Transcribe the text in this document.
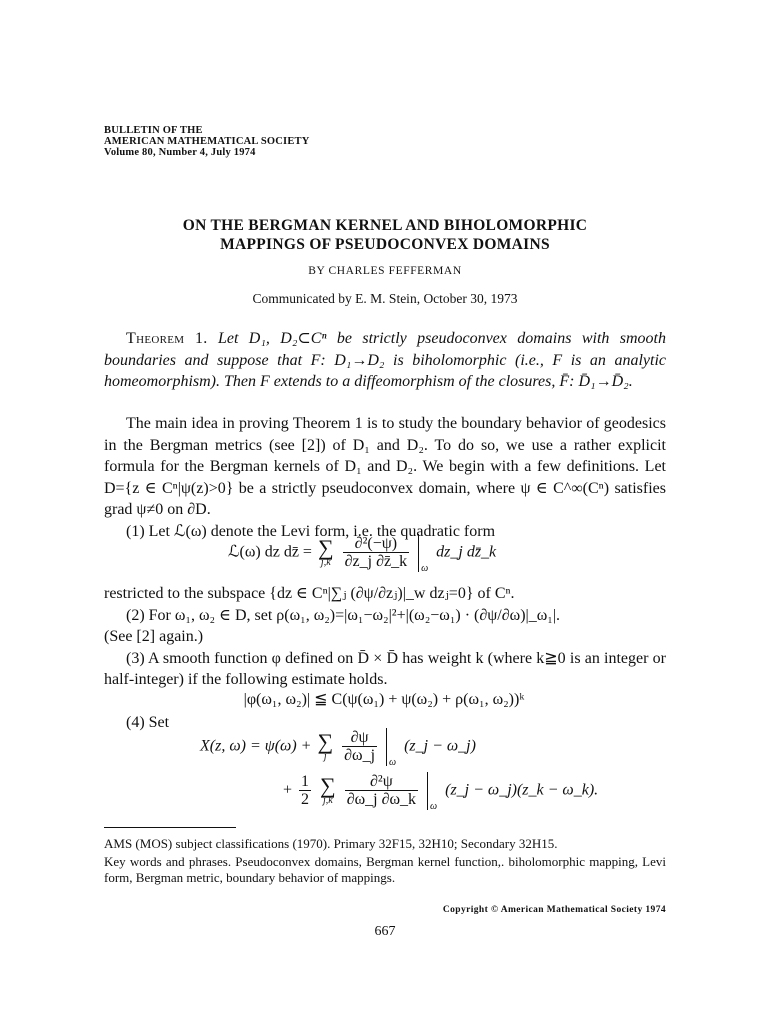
BULLETIN OF THE
AMERICAN MATHEMATICAL SOCIETY
Volume 80, Number 4, July 1974
ON THE BERGMAN KERNEL AND BIHOLOMORPHIC
MAPPINGS OF PSEUDOCONVEX DOMAINS
BY CHARLES FEFFERMAN
Communicated by E. M. Stein, October 30, 1973

Theorem 1. Let D₁, D₂⊂Cⁿ be strictly pseudoconvex domains with smooth boundaries and suppose that F: D₁→D₂ is biholomorphic (i.e., F is an analytic homeomorphism). Then F extends to a diffeomorphism of the closures, F̄: D̄₁→D̄₂.

The main idea in proving Theorem 1 is to study the boundary behavior of geodesics in the Bergman metrics (see [2]) of D₁ and D₂. To do so, we use a rather explicit formula for the Bergman kernels of D₁ and D₂. We begin with a few definitions. Let D={z ∈ Cⁿ|ψ(z)>0} be a strictly pseudoconvex domain, where ψ ∈ C^∞(Cⁿ) satisfies grad ψ≠0 on ∂D.

(1) Let ℒ(ω) denote the Levi form, i.e. the quadratic form

ℒ(ω) dz dz̄ = ∑
j,k
$\frac{\text{∂²(−ψ)}}{\partial z\_j \partial z̄\_k}$ ω dz_j dz̄_k

restricted to the subspace {dz ∈ Cⁿ|∑ⱼ (∂ψ/∂zⱼ)|_w dzⱼ=0} of Cⁿ.

(2) For ω₁, ω₂ ∈ D, set ρ(ω₁, ω₂)=|ω₁−ω₂|²+|(ω₂−ω₁) · (∂ψ/∂ω)|_ω₁|.

(See [2] again.)

(3) A smooth function φ defined on D̄ × D̄ has weight k (where k≧0 is an integer or half-integer) if the following estimate holds.

|φ(ω₁, ω₂)| ≦ C(ψ(ω₁) + ψ(ω₂) + ρ(ω₁, ω₂))ᵏ

(4) Set

X(z, ω) = ψ(ω) + ∑
j
$\frac{\partial\psi}{\partial\omega\_j}$ ω (z_j − ω_j)
+ $\frac{1}{2}$
∑
j,k
$\frac{\text{∂²ψ}}{\partial\omega\_j \partial\omega\_k}$ ω (z_j − ω_j)(z_k − ω_k).

AMS (MOS) subject classifications (1970). Primary 32F15, 32H10; Secondary 32H15.

Key words and phrases. Pseudoconvex domains, Bergman kernel function,. biholomorphic mapping, Levi form, Bergman metric, boundary behavior of mappings.

Copyright © American Mathematical Society 1974
667
